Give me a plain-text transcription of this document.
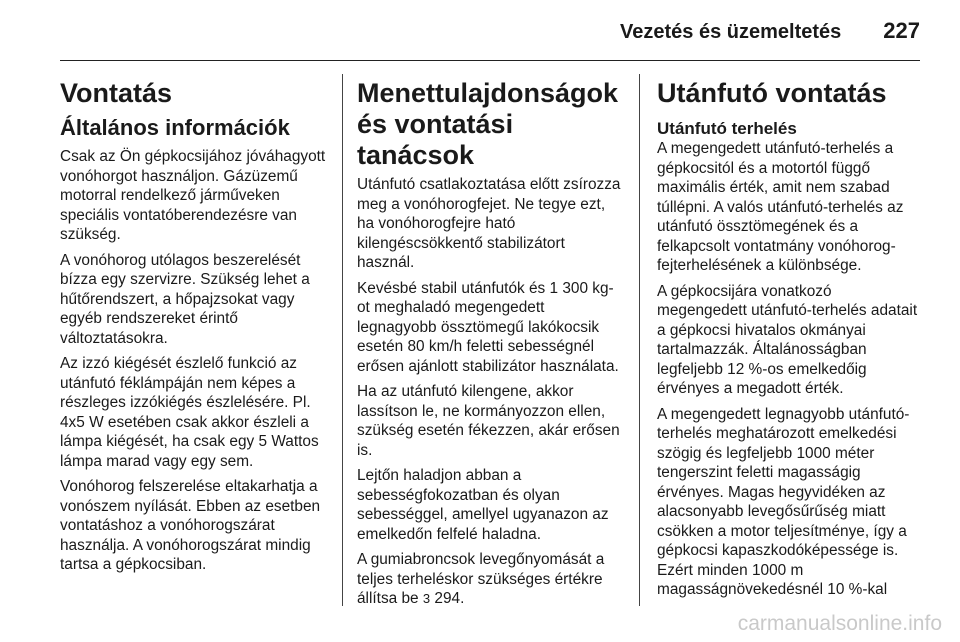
Vezetés és üzemeltetés 227
Vontatás
Általános információk

Csak az Ön gépkocsijához jóváhagyott vonóhorgot használjon. Gázüzemű motorral rendelkező járműveken speciális vontatóberendezésre van szükség.

A vonóhorog utólagos beszerelését bízza egy szervizre. Szükség lehet a hűtőrendszert, a hőpajzsokat vagy egyéb rendszereket érintő változtatásokra.

Az izzó kiégését észlelő funkció az utánfutó féklámpáján nem képes a részleges izzókiégés észlelésére. Pl. 4x5 W esetében csak akkor észleli a lámpa kiégését, ha csak egy 5 Wattos lámpa marad vagy egy sem.

Vonóhorog felszerelése eltakarhatja a vonószem nyílását. Ebben az esetben vontatáshoz a vonóhorogszárat használja. A vonóhorogszárat mindig tartsa a gépkocsiban.

Menettulajdonságok és vontatási tanácsok

Utánfutó csatlakoztatása előtt zsírozza meg a vonóhorogfejet. Ne tegye ezt, ha vonóhorogfejre ható kilengéscsökkentő stabilizátort használ.

Kevésbé stabil utánfutók és 1 300 kg-ot meghaladó megengedett legnagyobb össztömegű lakókocsik esetén 80 km/h feletti sebességnél erősen ajánlott stabilizátor használata.

Ha az utánfutó kilengene, akkor lassítson le, ne kormányozzon ellen, szükség esetén fékezzen, akár erősen is.

Lejtőn haladjon abban a sebességfokozatban és olyan sebességgel, amellyel ugyanazon az emelkedőn felfelé haladna.

A gumiabroncsok levegőnyomását a teljes terheléskor szükséges értékre állítsa be 3 294.

Utánfutó vontatás
Utánfutó terhelés

A megengedett utánfutó-terhelés a gépkocsitól és a motortól függő maximális érték, amit nem szabad túllépni. A valós utánfutó-terhelés az utánfutó össztömegének és a felkapcsolt vontatmány vonóhorog-fejterhelésének a különbsége.

A gépkocsijára vonatkozó megengedett utánfutó-terhelés adatait a gépkocsi hivatalos okmányai tartalmazzák. Általánosságban legfeljebb 12 %-os emelkedőig érvényes a megadott érték.

A megengedett legnagyobb utánfutó-terhelés meghatározott emelkedési szögig és legfeljebb 1000 méter tengerszint feletti magasságig érvényes. Magas hegyvidéken az alacsonyabb levegősűrűség miatt csökken a motor teljesítménye, így a gépkocsi kapaszkodóképessége is. Ezért minden 1000 m magasságnövekedésnél 10 %-kal

carmanualsonline.info
